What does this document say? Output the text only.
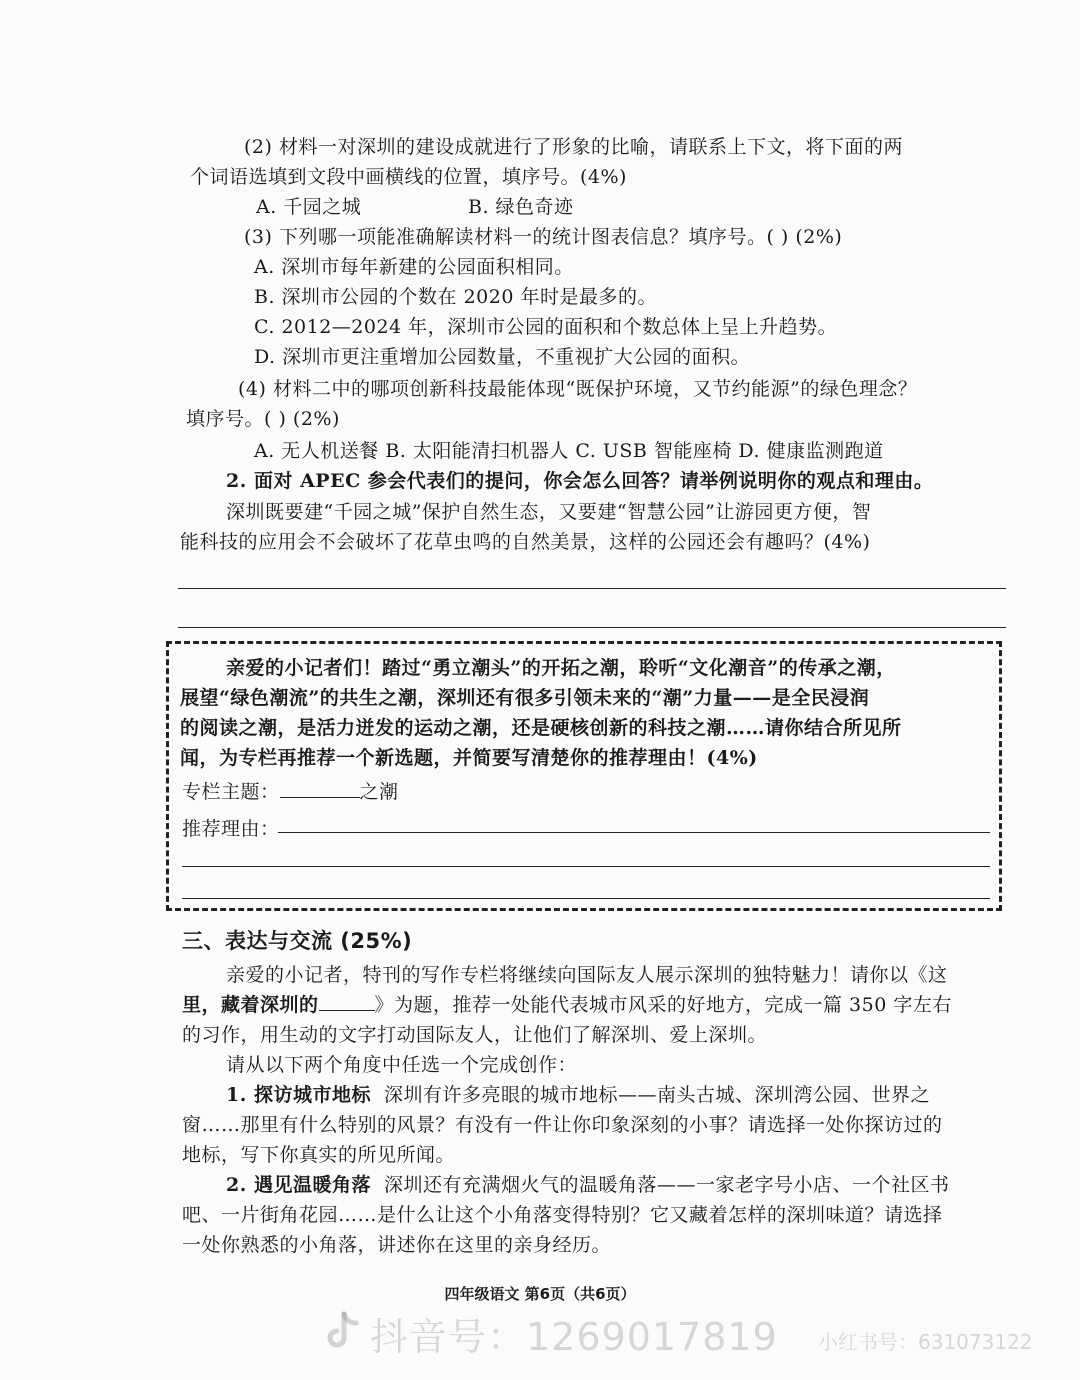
(2) 材料一对深圳的建设成就进行了形象的比喻，请联系上下文，将下面的两
个词语选填到文段中画横线的位置，填序号。(4%)
A. 千园之城	B. 绿色奇迹
(3) 下列哪一项能准确解读材料一的统计图表信息？填序号。( ) (2%)
A. 深圳市每年新建的公园面积相同。
B. 深圳市公园的个数在 2020 年时是最多的。
C. 2012—2024 年，深圳市公园的面积和个数总体上呈上升趋势。
D. 深圳市更注重增加公园数量，不重视扩大公园的面积。
(4) 材料二中的哪项创新科技最能体现“既保护环境，又节约能源”的绿色理念？
填序号。( ) (2%)
A. 无人机送餐 B. 太阳能清扫机器人 C. USB 智能座椅 D. 健康监测跑道
2. 面对 APEC 参会代表们的提问，你会怎么回答？请举例说明你的观点和理由。
深圳既要建“千园之城”保护自然生态，又要建“智慧公园”让游园更方便，智
能科技的应用会不会破坏了花草虫鸣的自然美景，这样的公园还会有趣吗？(4%)
亲爱的小记者们！踏过“勇立潮头”的开拓之潮，聆听“文化潮音”的传承之潮，
展望“绿色潮流”的共生之潮，深圳还有很多引领未来的“潮”力量——是全民浸润
的阅读之潮，是活力迸发的运动之潮，还是硬核创新的科技之潮……请你结合所见所
闻，为专栏再推荐一个新选题，并简要写清楚你的推荐理由！(4%)
专栏主题：	之潮
推荐理由：
三、表达与交流 (25%)
亲爱的小记者，特刊的写作专栏将继续向国际友人展示深圳的独特魅力！请你以《这
里，藏着深圳的	》为题，推荐一处能代表城市风采的好地方，完成一篇 350 字左右
的习作，用生动的文字打动国际友人，让他们了解深圳、爱上深圳。
请从以下两个角度中任选一个完成创作：
1. 探访城市地标 深圳有许多亮眼的城市地标——南头古城、深圳湾公园、世界之
窗……那里有什么特别的风景？有没有一件让你印象深刻的小事？请选择一处你探访过的
地标，写下你真实的所见所闻。
2. 遇见温暖角落 深圳还有充满烟火气的温暖角落——一家老字号小店、一个社区书
吧、一片街角花园……是什么让这个小角落变得特别？它又藏着怎样的深圳味道？请选择
一处你熟悉的小角落，讲述你在这里的亲身经历。
四年级语文 第6页（共6页）
抖音号：1269017819 小红书号：631073122
